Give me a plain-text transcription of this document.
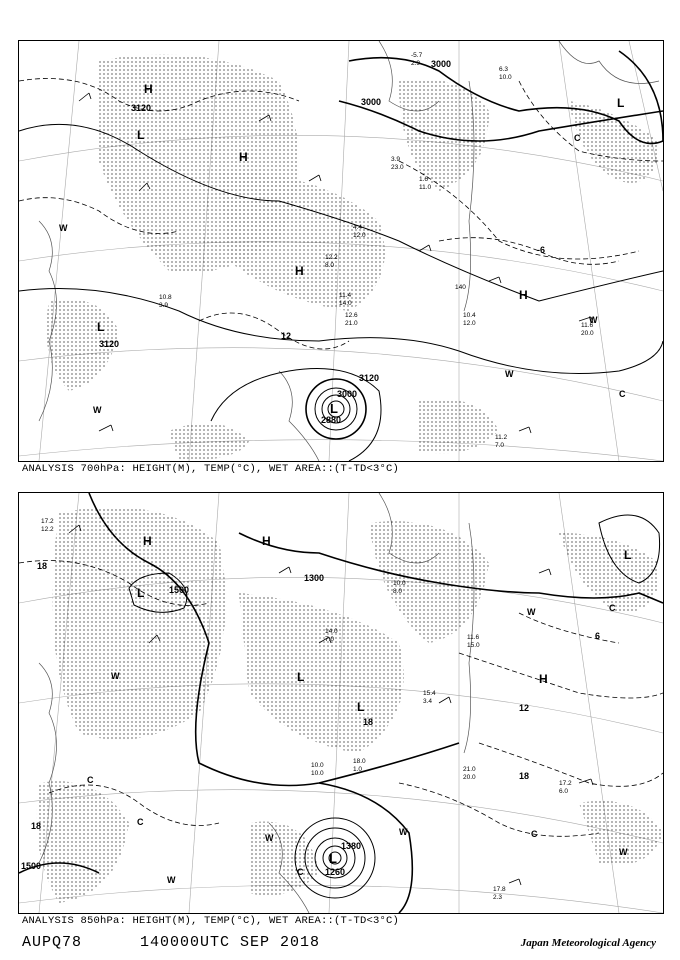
3000
3000
3120
3120
3120
3000
2880
12
140
H
L
H
H
L
H
L
L
W
W
W
W
C
C
-6
-5.7
2.9
6.3
10.0
10.8
3.9
11.4
14.0
12.6
21.0
10.4
12.0	11.6
20.0
11.2
7.0
3.9
23.0
1.6
11.0
4.4
12.0
12.2
8.0
ANALYSIS 700hPa: HEIGHT(M), TEMP(°C), WET AREA::(T-TD<3°C)
1500
1300
1500
1380
1260
12
18
18
18
18
6
H
L
H
L
L
H
L
L
W
W
W
W
W
W
C
C
C
C
C
17.2
12.2
10.0
8.0
11.6
15.0
21.0
20.0
17.2
6.0
17.8
2.3
18.0
1.0
14.0
7.0
15.4
3.4
10.0
10.0
ANALYSIS 850hPa: HEIGHT(M), TEMP(°C), WET AREA::(T-TD<3°C)
AUPQ78	140000UTC SEP 2018	Japan Meteorological Agency
